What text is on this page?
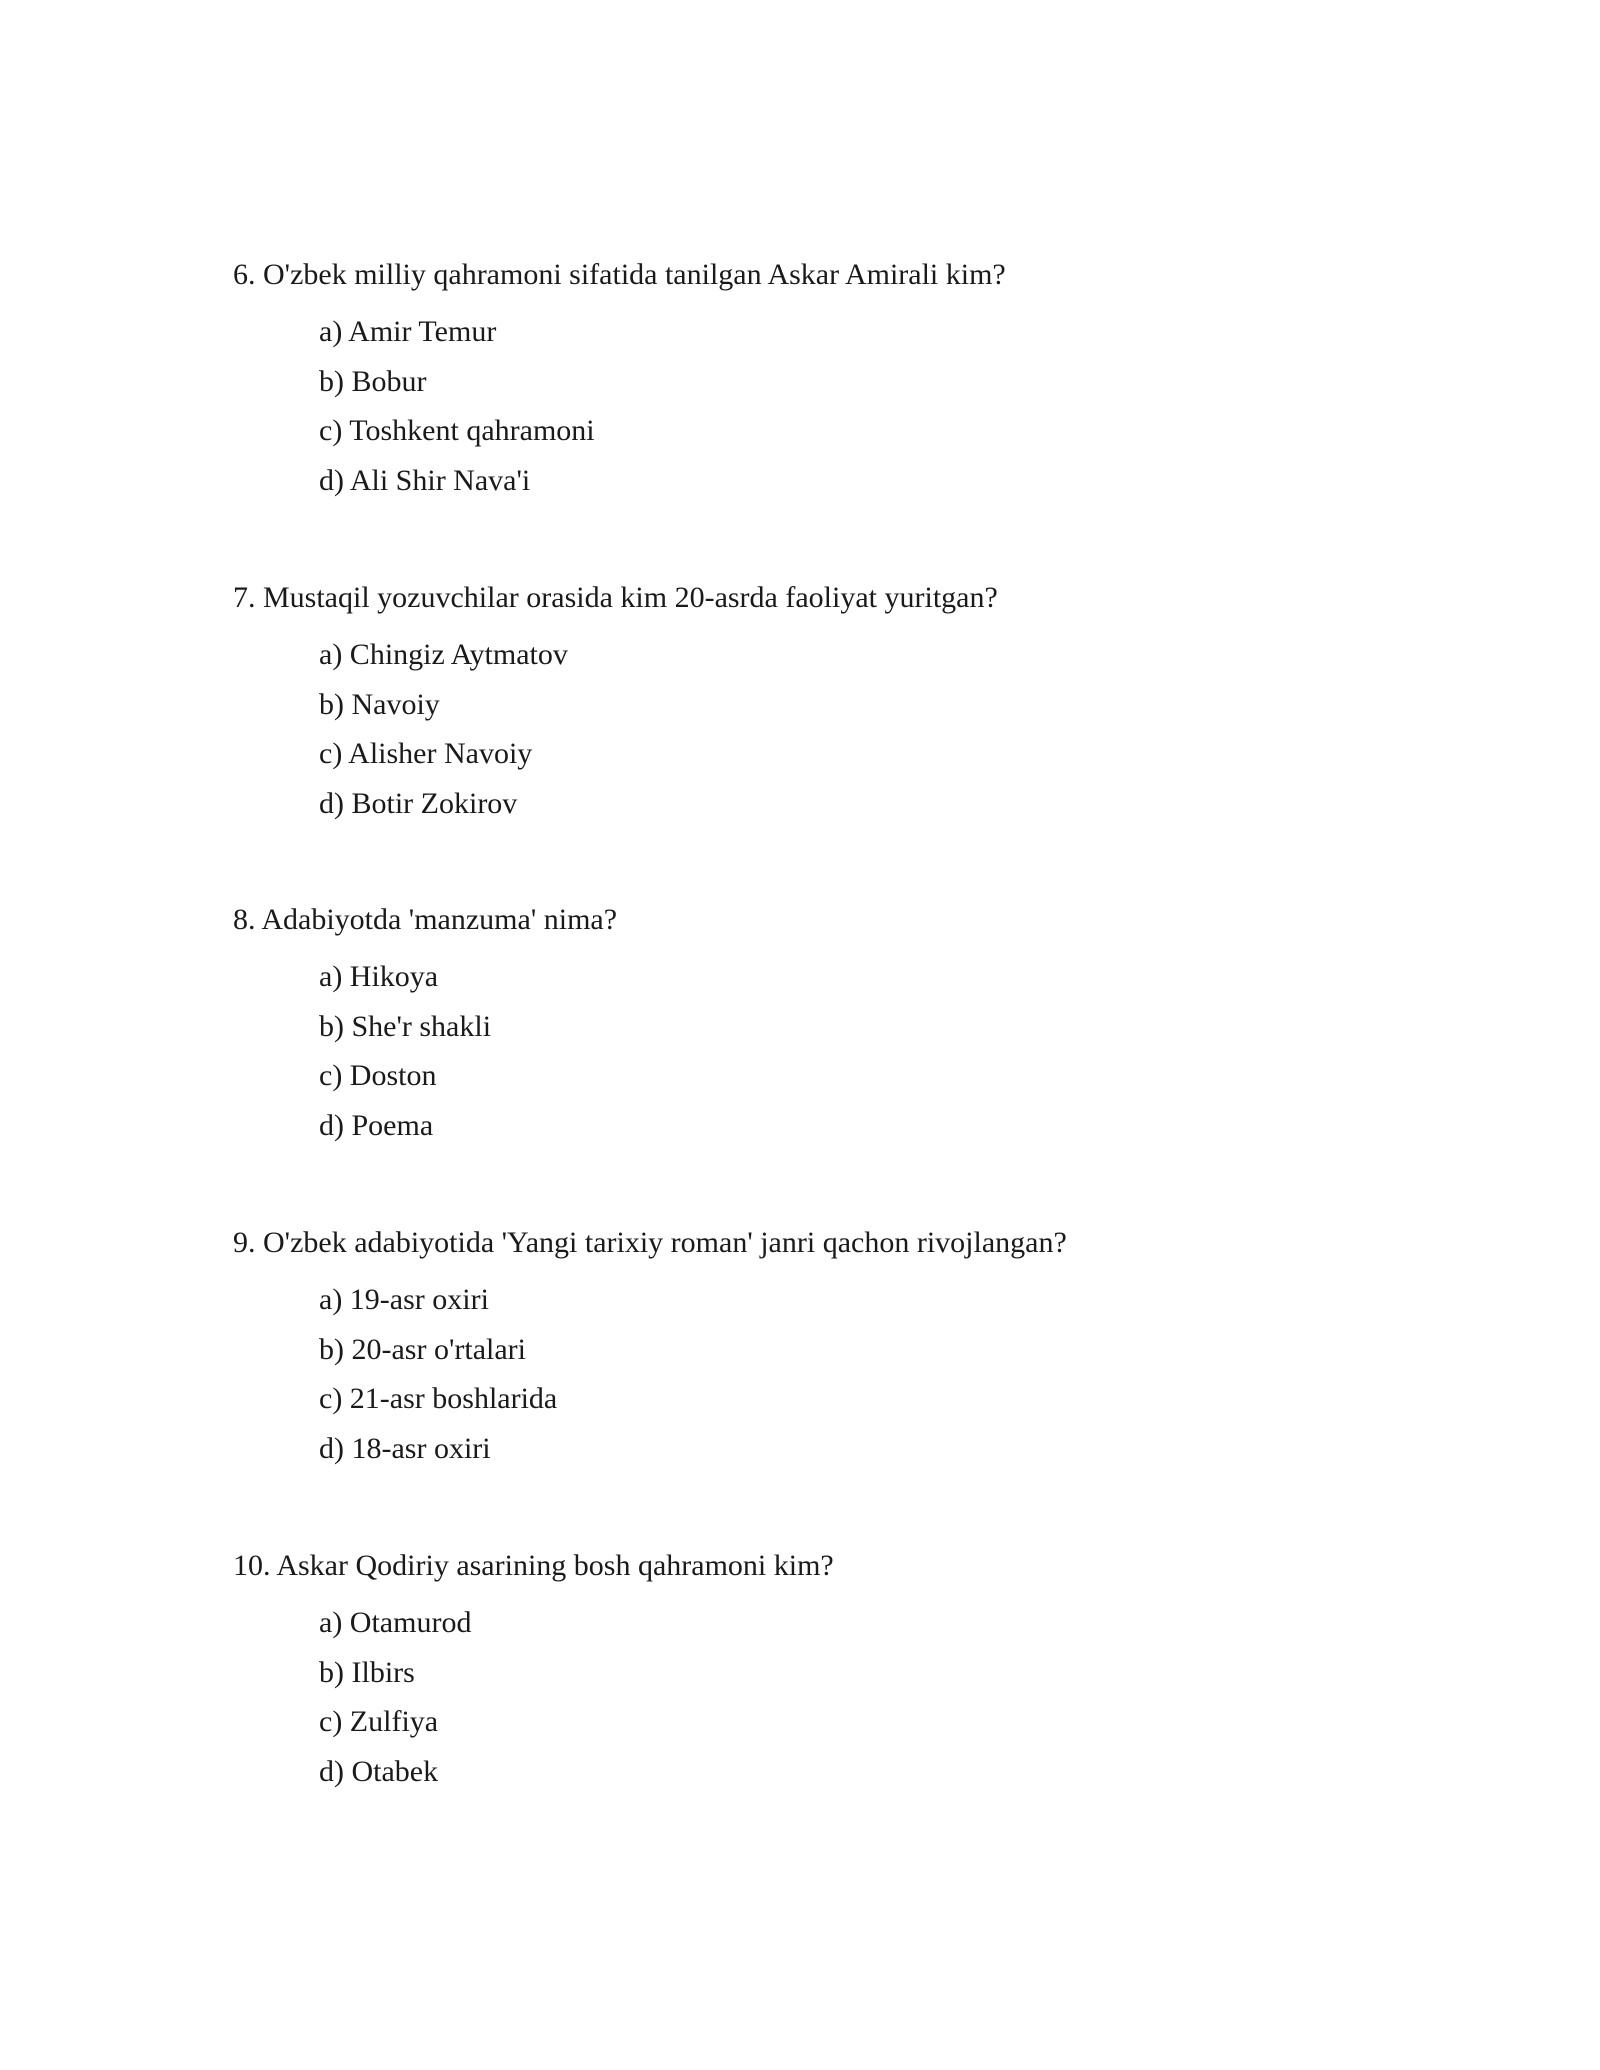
6. O'zbek milliy qahramoni sifatida tanilgan Askar Amirali kim?

a) Amir Temur
b) Bobur
c) Toshkent qahramoni
d) Ali Shir Nava'i

7. Mustaqil yozuvchilar orasida kim 20-asrda faoliyat yuritgan?

a) Chingiz Aytmatov
b) Navoiy
c) Alisher Navoiy
d) Botir Zokirov

8. Adabiyotda 'manzuma' nima?

a) Hikoya
b) She'r shakli
c) Doston
d) Poema

9. O'zbek adabiyotida 'Yangi tarixiy roman' janri qachon rivojlangan?

a) 19-asr oxiri
b) 20-asr o'rtalari
c) 21-asr boshlarida
d) 18-asr oxiri

10. Askar Qodiriy asarining bosh qahramoni kim?

a) Otamurod
b) Ilbirs
c) Zulfiya
d) Otabek
